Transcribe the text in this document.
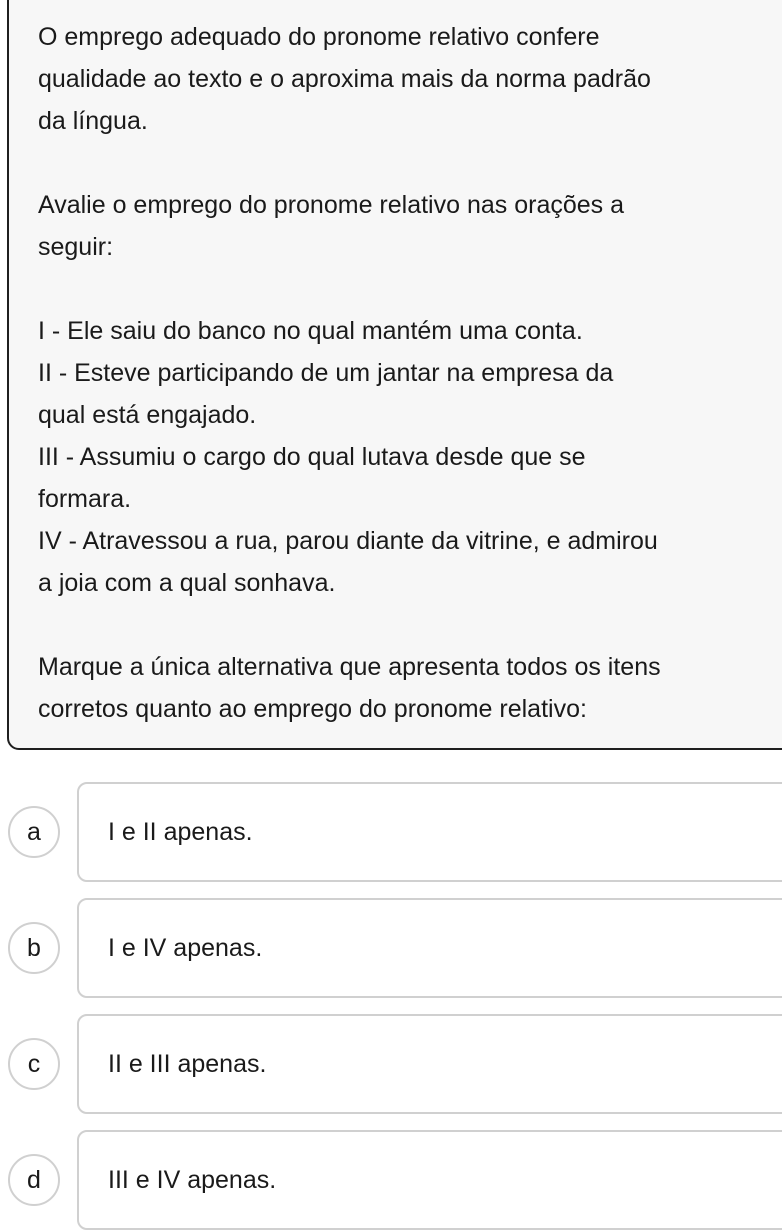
O emprego adequado do pronome relativo confere
qualidade ao texto e o aproxima mais da norma padrão
da língua.

Avalie o emprego do pronome relativo nas orações a
seguir:

I - Ele saiu do banco no qual mantém uma conta.

II - Esteve participando de um jantar na empresa da
qual está engajado.

III - Assumiu o cargo do qual lutava desde que se
formara.

IV - Atravessou a rua, parou diante da vitrine, e admirou
a joia com a qual sonhava.

Marque a única alternativa que apresenta todos os itens
corretos quanto ao emprego do pronome relativo:

a	I e II apenas.
b	I e IV apenas.
c	II e III apenas.
d	III e IV apenas.
